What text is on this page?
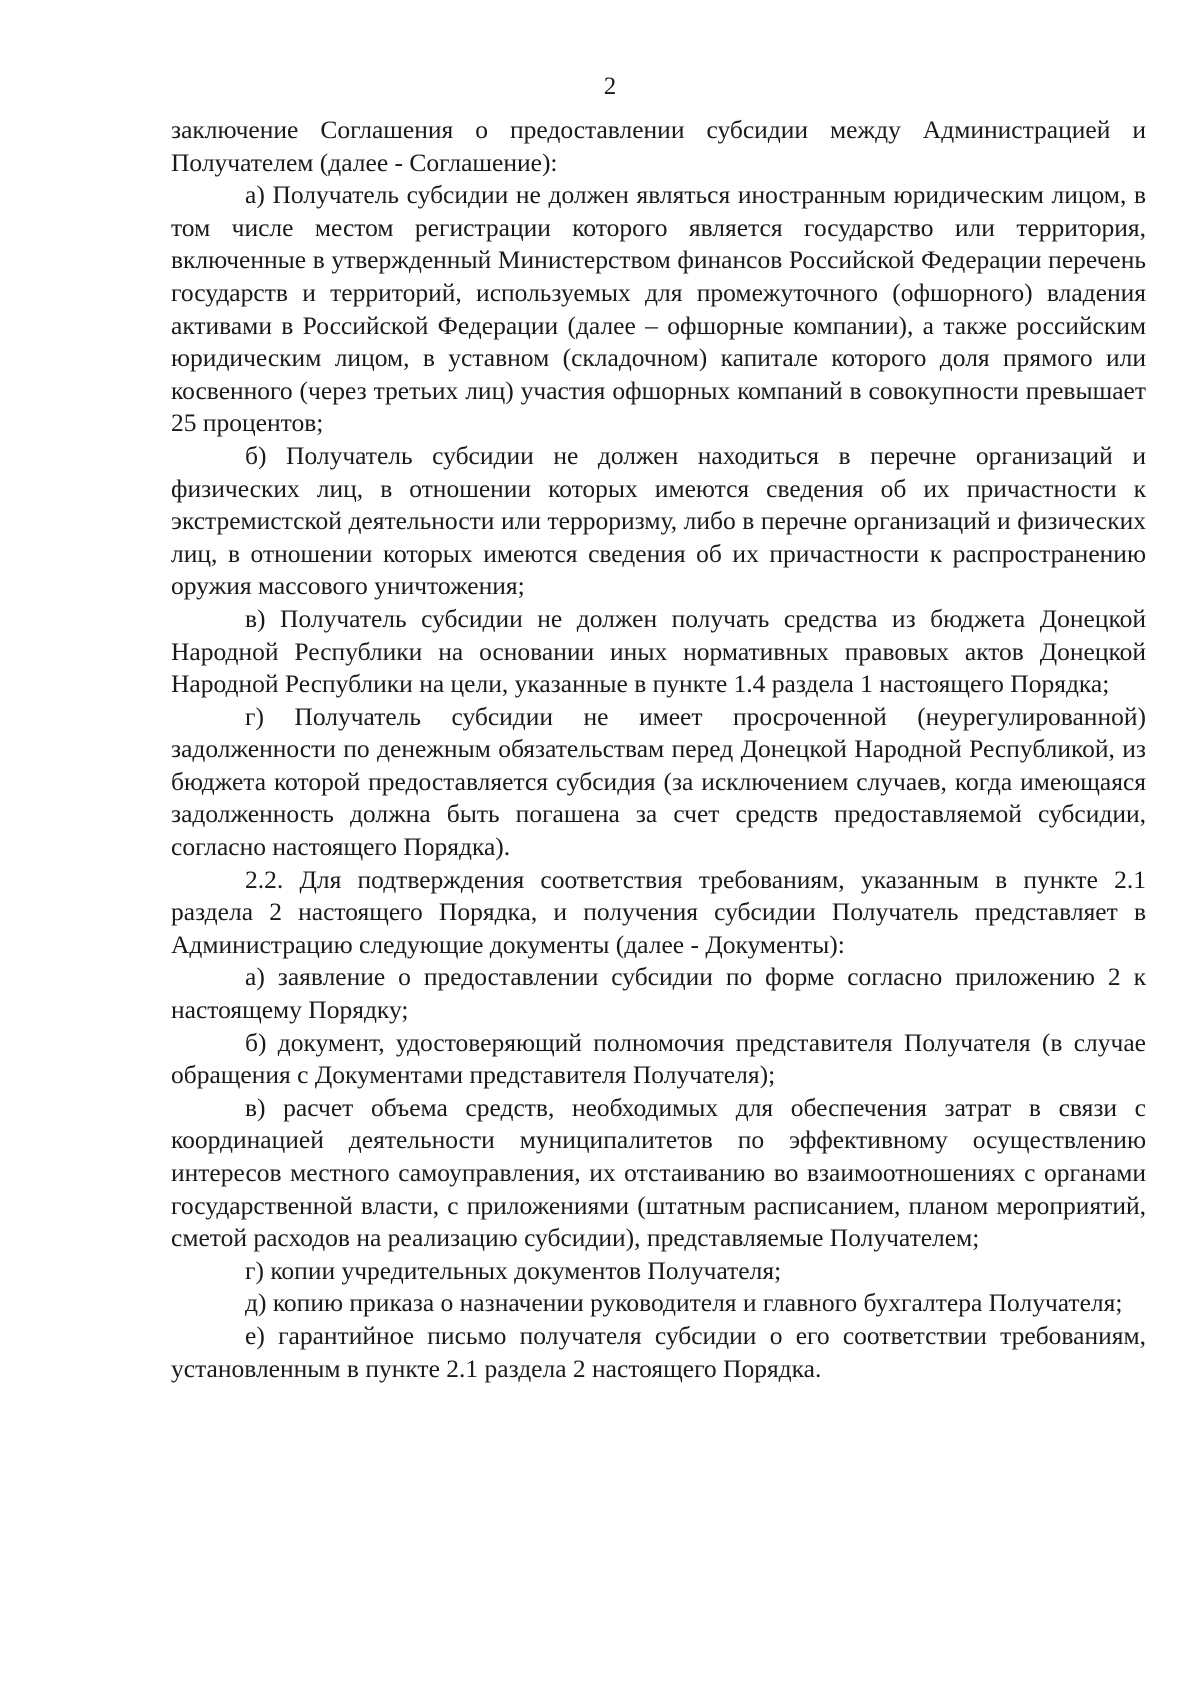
2

заключение Соглашения о предоставлении субсидии между Администрацией и Получателем (далее - Соглашение):

а) Получатель субсидии не должен являться иностранным юридическим лицом, в том числе местом регистрации которого является государство или территория, включенные в утвержденный Министерством финансов Российской Федерации перечень государств и территорий, используемых для промежуточного (офшорного) владения активами в Российской Федерации (далее – офшорные компании), а также российским юридическим лицом, в уставном (складочном) капитале которого доля прямого или косвенного (через третьих лиц) участия офшорных компаний в совокупности превышает 25 процентов;

б) Получатель субсидии не должен находиться в перечне организаций и физических лиц, в отношении которых имеются сведения об их причастности к экстремистской деятельности или терроризму, либо в перечне организаций и физических лиц, в отношении которых имеются сведения об их причастности к распространению оружия массового уничтожения;

в) Получатель субсидии не должен получать средства из бюджета Донецкой Народной Республики на основании иных нормативных правовых актов Донецкой Народной Республики на цели, указанные в пункте 1.4 раздела 1 настоящего Порядка;

г) Получатель субсидии не имеет просроченной (неурегулированной) задолженности по денежным обязательствам перед Донецкой Народной Республикой, из бюджета которой предоставляется субсидия (за исключением случаев, когда имеющаяся задолженность должна быть погашена за счет средств предоставляемой субсидии, согласно настоящего Порядка).

2.2. Для подтверждения соответствия требованиям, указанным в пункте 2.1 раздела 2 настоящего Порядка, и получения субсидии Получатель представляет в Администрацию следующие документы (далее - Документы):

а) заявление о предоставлении субсидии по форме согласно приложению 2 к настоящему Порядку;

б) документ, удостоверяющий полномочия представителя Получателя (в случае обращения с Документами представителя Получателя);

в) расчет объема средств, необходимых для обеспечения затрат в связи с координацией деятельности муниципалитетов по эффективному осуществлению интересов местного самоуправления, их отстаиванию во взаимоотношениях с органами государственной власти, с приложениями (штатным расписанием, планом мероприятий, сметой расходов на реализацию субсидии), представляемые Получателем;

г) копии учредительных документов Получателя;

д) копию приказа о назначении руководителя и главного бухгалтера Получателя;

е) гарантийное письмо получателя субсидии о его соответствии требованиям, установленным в пункте 2.1 раздела 2 настоящего Порядка.
